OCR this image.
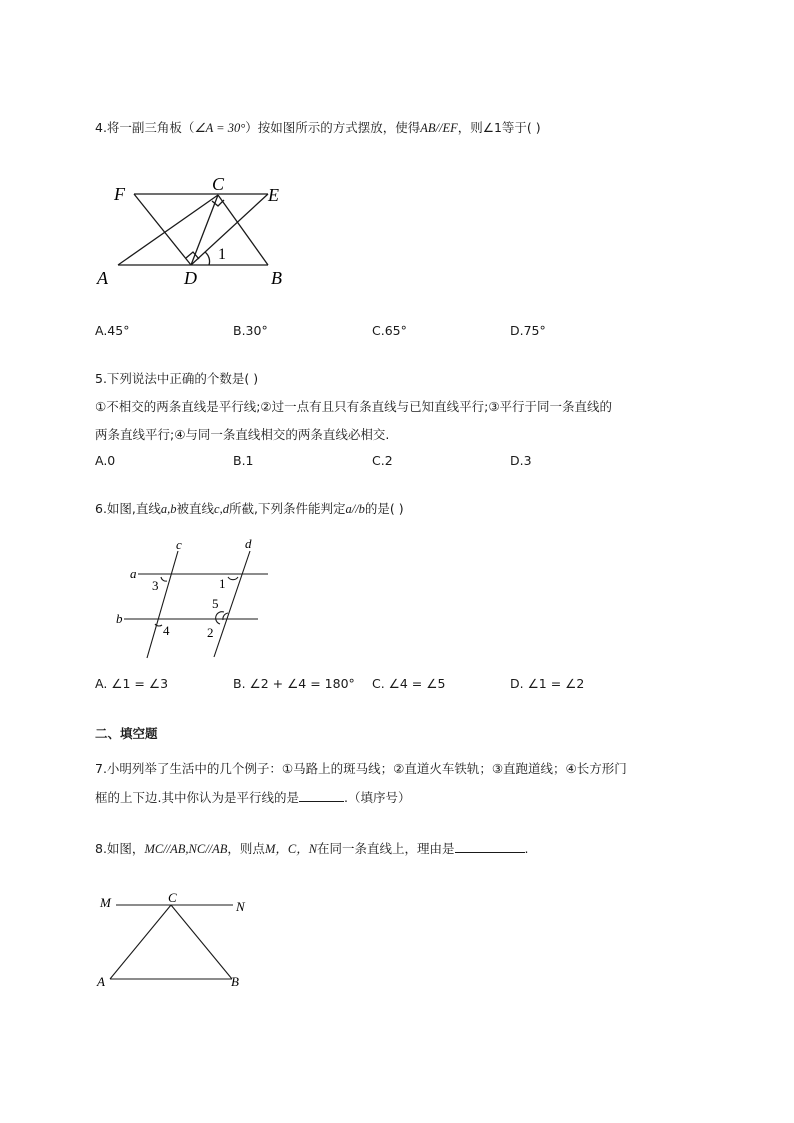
4.将一副三角板（∠A = 30°）按如图所示的方式摆放，使得AB//EF，则∠1等于( )
F	C
E
A	D	B
1
A.45°	B.30°	C.65°	D.75°
5.下列说法中正确的个数是( )
①不相交的两条直线是平行线;②过一点有且只有条直线与已知直线平行;③平行于同一条直线的
两条直线平行;④与同一条直线相交的两条直线必相交.
A.0	B.1	C.2	D.3
6.如图,直线a,b被直线c,d所截,下列条件能判定a//b的是( )
a
b
c	d
1
2
3
4
5
A. ∠1 = ∠3	B. ∠2 + ∠4 = 180° C. ∠4 = ∠5	D. ∠1 = ∠2
二、填空题
7.小明列举了生活中的几个例子：①马路上的斑马线；②直道火车铁轨；③直跑道线；④长方形门
框的上下边.其中你认为是平行线的是	.（填序号）
8.如图，MC//AB,NC//AB，则点M，C，N在同一条直线上，理由是	.
M	C
N
A	B
